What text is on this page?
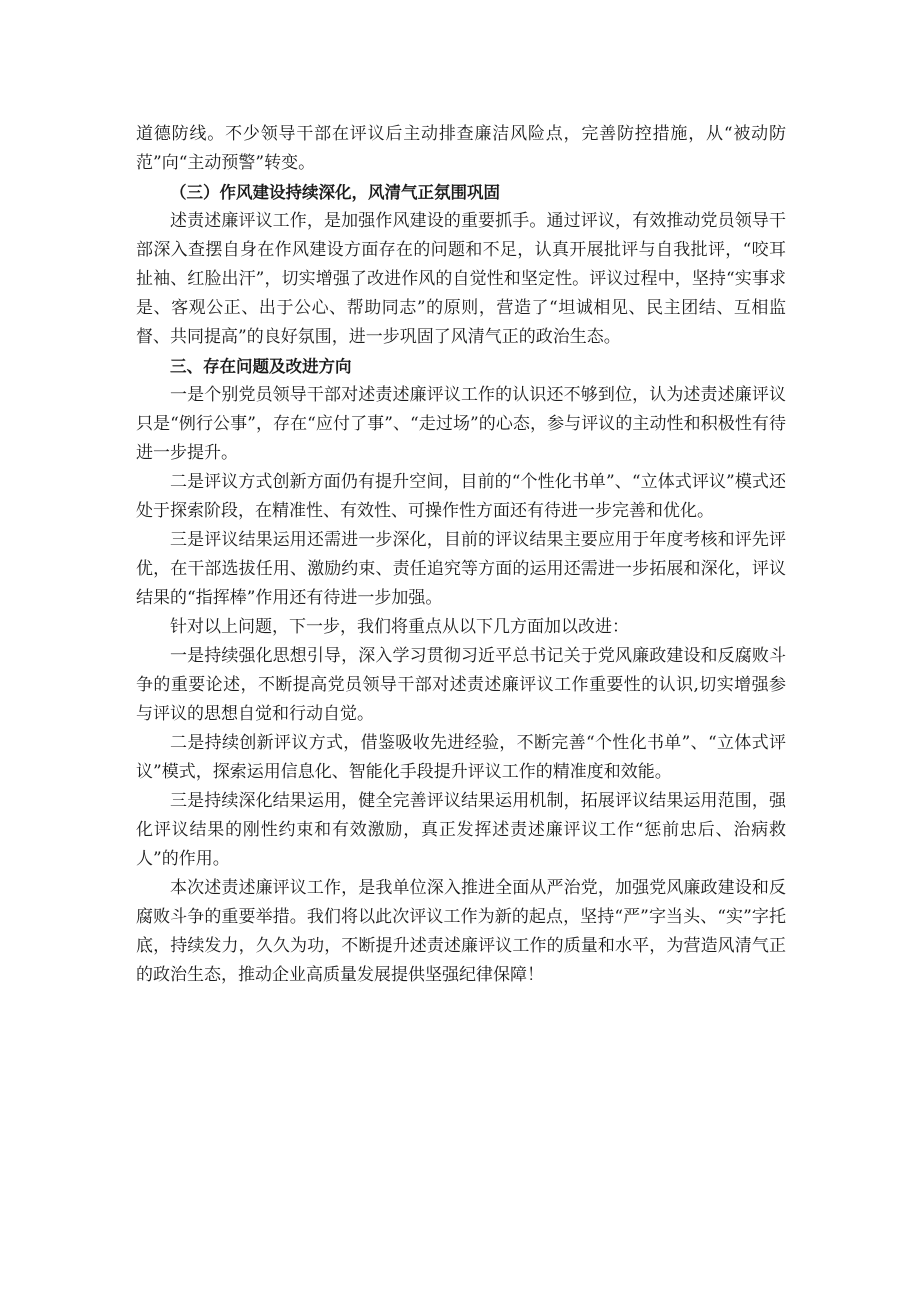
道德防线。不少领导干部在评议后主动排查廉洁风险点，完善防控措施，从“被动防范”向“主动预警”转变。

（三）作风建设持续深化，风清气正氛围巩固

述责述廉评议工作，是加强作风建设的重要抓手。通过评议，有效推动党员领导干部深入查摆自身在作风建设方面存在的问题和不足，认真开展批评与自我批评，“咬耳扯袖、红脸出汗”，切实增强了改进作风的自觉性和坚定性。评议过程中，坚持“实事求是、客观公正、出于公心、帮助同志”的原则，营造了“坦诚相见、民主团结、互相监督、共同提高”的良好氛围，进一步巩固了风清气正的政治生态。

三、存在问题及改进方向

一是个别党员领导干部对述责述廉评议工作的认识还不够到位，认为述责述廉评议只是“例行公事”，存在“应付了事”、“走过场”的心态，参与评议的主动性和积极性有待进一步提升。

二是评议方式创新方面仍有提升空间，目前的“个性化书单”、“立体式评议”模式还处于探索阶段，在精准性、有效性、可操作性方面还有待进一步完善和优化。

三是评议结果运用还需进一步深化，目前的评议结果主要应用于年度考核和评先评优，在干部选拔任用、激励约束、责任追究等方面的运用还需进一步拓展和深化，评议结果的“指挥棒”作用还有待进一步加强。

针对以上问题，下一步，我们将重点从以下几方面加以改进：

一是持续强化思想引导，深入学习贯彻习近平总书记关于党风廉政建设和反腐败斗争的重要论述，不断提高党员领导干部对述责述廉评议工作重要性的认识,切实增强参与评议的思想自觉和行动自觉。

二是持续创新评议方式，借鉴吸收先进经验，不断完善“个性化书单”、“立体式评议”模式，探索运用信息化、智能化手段提升评议工作的精准度和效能。

三是持续深化结果运用，健全完善评议结果运用机制，拓展评议结果运用范围，强化评议结果的刚性约束和有效激励，真正发挥述责述廉评议工作“惩前忠后、治病救人”的作用。

本次述责述廉评议工作，是我单位深入推进全面从严治党，加强党风廉政建设和反腐败斗争的重要举措。我们将以此次评议工作为新的起点，坚持“严”字当头、“实”字托底，持续发力，久久为功，不断提升述责述廉评议工作的质量和水平，为营造风清气正的政治生态，推动企业高质量发展提供坚强纪律保障！
